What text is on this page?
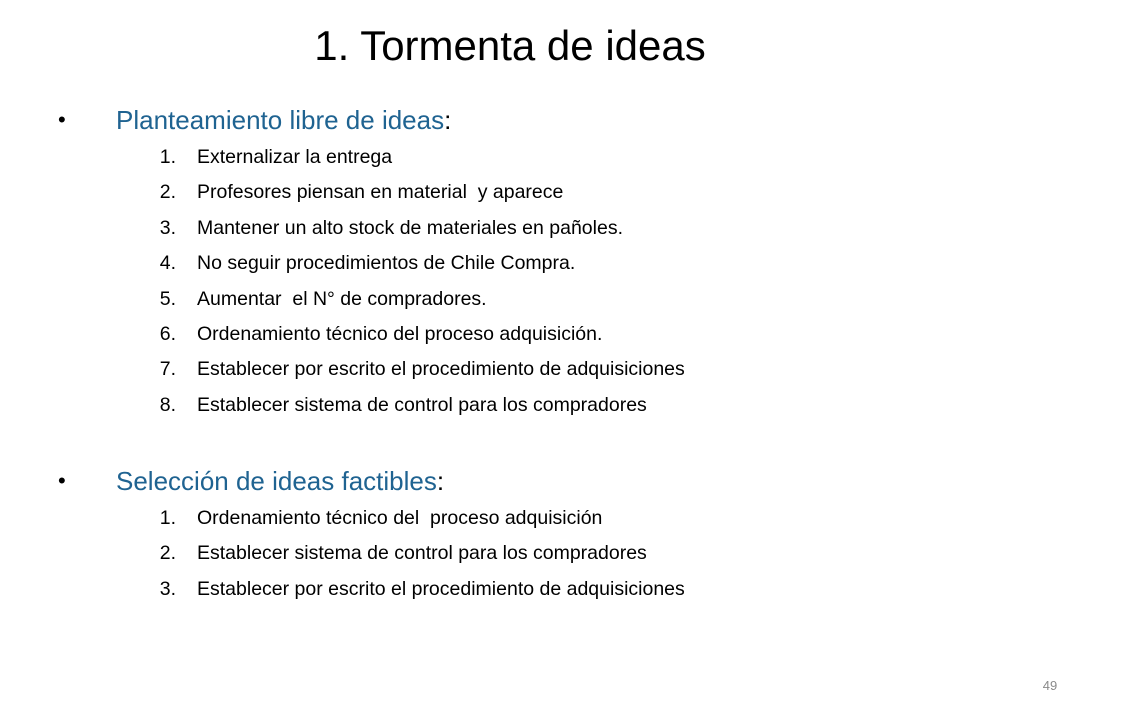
1. Tormenta de ideas
• Planteamiento libre de ideas:
1. Externalizar la entrega
2. Profesores piensan en material  y aparece
3. Mantener un alto stock de materiales en pañoles.
4. No seguir procedimientos de Chile Compra.
5. Aumentar  el N° de compradores.
6. Ordenamiento técnico del proceso adquisición.
7. Establecer por escrito el procedimiento de adquisiciones
8. Establecer sistema de control para los compradores
• Selección de ideas factibles:
1. Ordenamiento técnico del  proceso adquisición
2. Establecer sistema de control para los compradores
3. Establecer por escrito el procedimiento de adquisiciones
49
